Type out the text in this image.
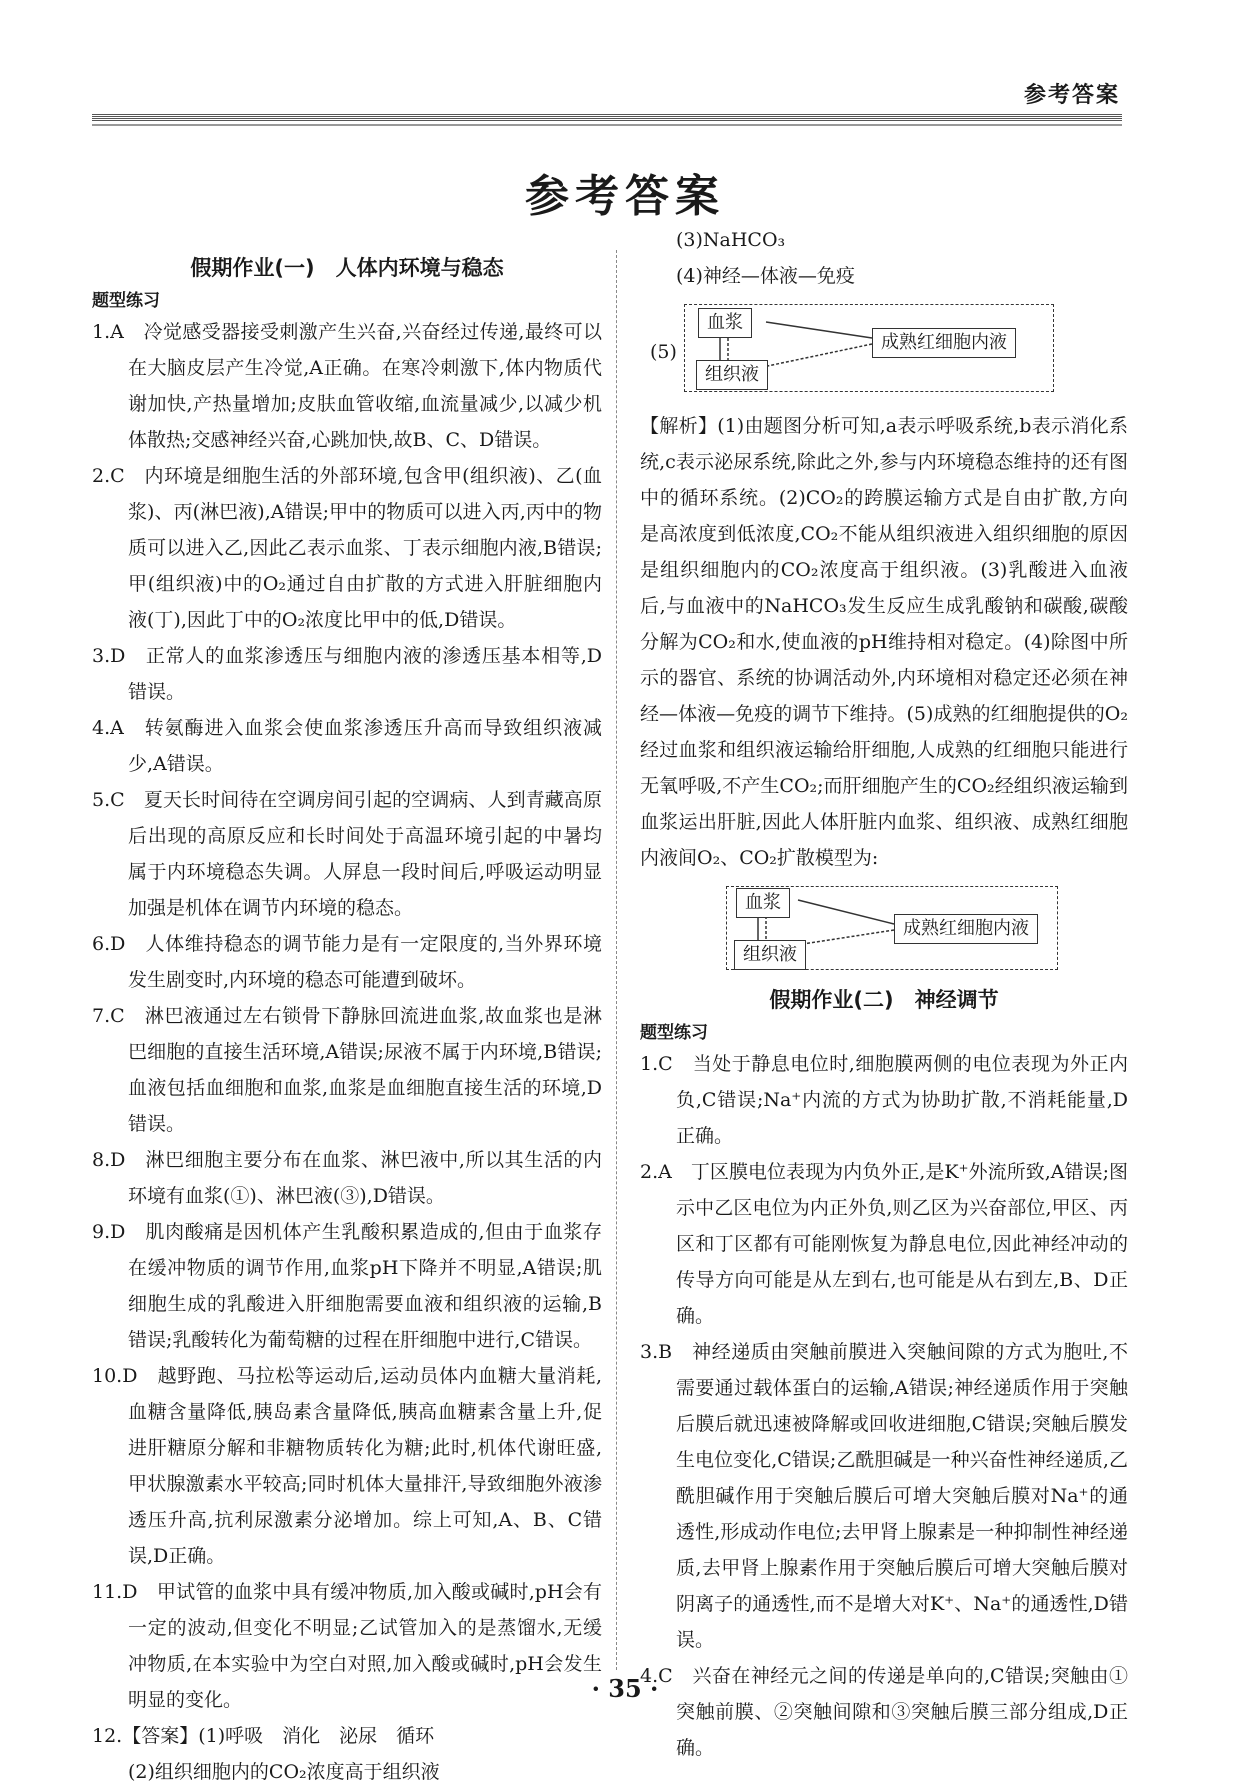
参考答案
参考答案
假期作业(一)　人体内环境与稳态
题型练习

1.A　冷觉感受器接受刺激产生兴奋,兴奋经过传递,最终可以在大脑皮层产生冷觉,A正确。在寒冷刺激下,体内物质代谢加快,产热量增加;皮肤血管收缩,血流量减少,以减少机体散热;交感神经兴奋,心跳加快,故B、C、D错误。

2.C　内环境是细胞生活的外部环境,包含甲(组织液)、乙(血浆)、丙(淋巴液),A错误;甲中的物质可以进入丙,丙中的物质可以进入乙,因此乙表示血浆、丁表示细胞内液,B错误;甲(组织液)中的O₂通过自由扩散的方式进入肝脏细胞内液(丁),因此丁中的O₂浓度比甲中的低,D错误。

3.D　正常人的血浆渗透压与细胞内液的渗透压基本相等,D错误。

4.A　转氨酶进入血浆会使血浆渗透压升高而导致组织液减少,A错误。

5.C　夏天长时间待在空调房间引起的空调病、人到青藏高原后出现的高原反应和长时间处于高温环境引起的中暑均属于内环境稳态失调。人屏息一段时间后,呼吸运动明显加强是机体在调节内环境的稳态。

6.D　人体维持稳态的调节能力是有一定限度的,当外界环境发生剧变时,内环境的稳态可能遭到破坏。

7.C　淋巴液通过左右锁骨下静脉回流进血浆,故血浆也是淋巴细胞的直接生活环境,A错误;尿液不属于内环境,B错误;血液包括血细胞和血浆,血浆是血细胞直接生活的环境,D错误。

8.D　淋巴细胞主要分布在血浆、淋巴液中,所以其生活的内环境有血浆(①)、淋巴液(③),D错误。

9.D　肌肉酸痛是因机体产生乳酸积累造成的,但由于血浆存在缓冲物质的调节作用,血浆pH下降并不明显,A错误;肌细胞生成的乳酸进入肝细胞需要血液和组织液的运输,B错误;乳酸转化为葡萄糖的过程在肝细胞中进行,C错误。

10.D　越野跑、马拉松等运动后,运动员体内血糖大量消耗,血糖含量降低,胰岛素含量降低,胰高血糖素含量上升,促进肝糖原分解和非糖物质转化为糖;此时,机体代谢旺盛,甲状腺激素水平较高;同时机体大量排汗,导致细胞外液渗透压升高,抗利尿激素分泌增加。综上可知,A、B、C错误,D正确。

11.D　甲试管的血浆中具有缓冲物质,加入酸或碱时,pH会有一定的波动,但变化不明显;乙试管加入的是蒸馏水,无缓冲物质,在本实验中为空白对照,加入酸或碱时,pH会发生明显的变化。

12.【答案】(1)呼吸　消化　泌尿　循环

(2)组织细胞内的CO₂浓度高于组织液

(3)NaHCO₃

(4)神经—体液—免疫

(5)
血浆
组织液
成熟红细胞内液

【解析】(1)由题图分析可知,a表示呼吸系统,b表示消化系统,c表示泌尿系统,除此之外,参与内环境稳态维持的还有图中的循环系统。(2)CO₂的跨膜运输方式是自由扩散,方向是高浓度到低浓度,CO₂不能从组织液进入组织细胞的原因是组织细胞内的CO₂浓度高于组织液。(3)乳酸进入血液后,与血液中的NaHCO₃发生反应生成乳酸钠和碳酸,碳酸分解为CO₂和水,使血液的pH维持相对稳定。(4)除图中所示的器官、系统的协调活动外,内环境相对稳定还必须在神经—体液—免疫的调节下维持。(5)成熟的红细胞提供的O₂经过血浆和组织液运输给肝细胞,人成熟的红细胞只能进行无氧呼吸,不产生CO₂;而肝细胞产生的CO₂经组织液运输到血浆运出肝脏,因此人体肝脏内血浆、组织液、成熟红细胞内液间O₂、CO₂扩散模型为:

血浆
组织液
成熟红细胞内液
假期作业(二)　神经调节
题型练习

1.C　当处于静息电位时,细胞膜两侧的电位表现为外正内负,C错误;Na⁺内流的方式为协助扩散,不消耗能量,D正确。

2.A　丁区膜电位表现为内负外正,是K⁺外流所致,A错误;图示中乙区电位为内正外负,则乙区为兴奋部位,甲区、丙区和丁区都有可能刚恢复为静息电位,因此神经冲动的传导方向可能是从左到右,也可能是从右到左,B、D正确。

3.B　神经递质由突触前膜进入突触间隙的方式为胞吐,不需要通过载体蛋白的运输,A错误;神经递质作用于突触后膜后就迅速被降解或回收进细胞,C错误;突触后膜发生电位变化,C错误;乙酰胆碱是一种兴奋性神经递质,乙酰胆碱作用于突触后膜后可增大突触后膜对Na⁺的通透性,形成动作电位;去甲肾上腺素是一种抑制性神经递质,去甲肾上腺素作用于突触后膜后可增大突触后膜对阴离子的通透性,而不是增大对K⁺、Na⁺的通透性,D错误。

4.C　兴奋在神经元之间的传递是单向的,C错误;突触由①突触前膜、②突触间隙和③突触后膜三部分组成,D正确。

· 35 ·
